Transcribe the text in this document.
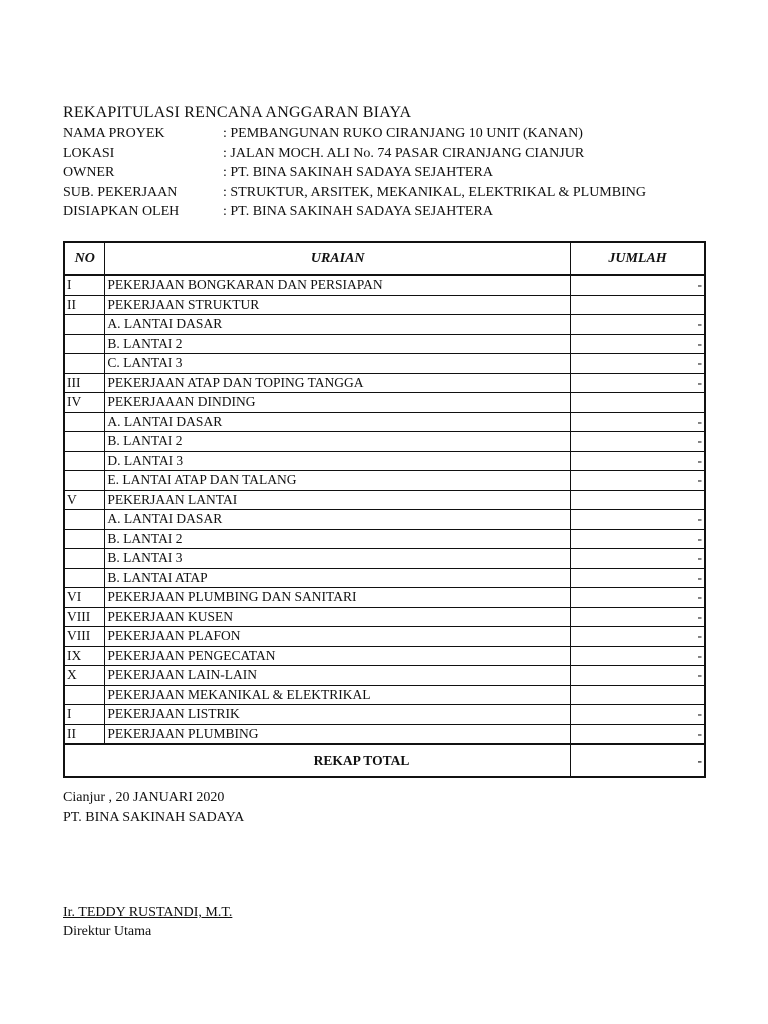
REKAPITULASI RENCANA ANGGARAN BIAYA
NAMA PROYEK	: PEMBANGUNAN RUKO CIRANJANG 10 UNIT (KANAN)
LOKASI	: JALAN MOCH. ALI No. 74 PASAR CIRANJANG CIANJUR
OWNER	: PT. BINA SAKINAH SADAYA SEJAHTERA
SUB. PEKERJAAN	: STRUKTUR, ARSITEK, MEKANIKAL, ELEKTRIKAL & PLUMBING
DISIAPKAN OLEH	: PT. BINA SAKINAH SADAYA SEJAHTERA
NO	URAIAN	JUMLAH
I	PEKERJAAN BONGKARAN DAN PERSIAPAN	-
II	PEKERJAAN STRUKTUR	
	A. LANTAI DASAR	-
	B. LANTAI 2	-
	C. LANTAI 3	-
III	PEKERJAAN ATAP DAN TOPING TANGGA	-
IV	PEKERJAAAN DINDING	
	A. LANTAI DASAR	-
	B. LANTAI 2	-
	D. LANTAI 3	-
	E. LANTAI ATAP DAN TALANG	-
V	PEKERJAAN LANTAI	
	A. LANTAI DASAR	-
	B. LANTAI 2	-
	B. LANTAI 3	-
	B. LANTAI ATAP	-
VI	PEKERJAAN PLUMBING DAN SANITARI	-
VIII	PEKERJAAN KUSEN	-
VIII	PEKERJAAN PLAFON	-
IX	PEKERJAAN PENGECATAN	-
X	PEKERJAAN LAIN-LAIN	-
	PEKERJAAN MEKANIKAL & ELEKTRIKAL	
I	PEKERJAAN LISTRIK	-
II	PEKERJAAN PLUMBING	-
REKAP TOTAL		-
Cianjur , 20 JANUARI 2020
PT. BINA SAKINAH SADAYA
Ir. TEDDY RUSTANDI, M.T.
Direktur Utama
